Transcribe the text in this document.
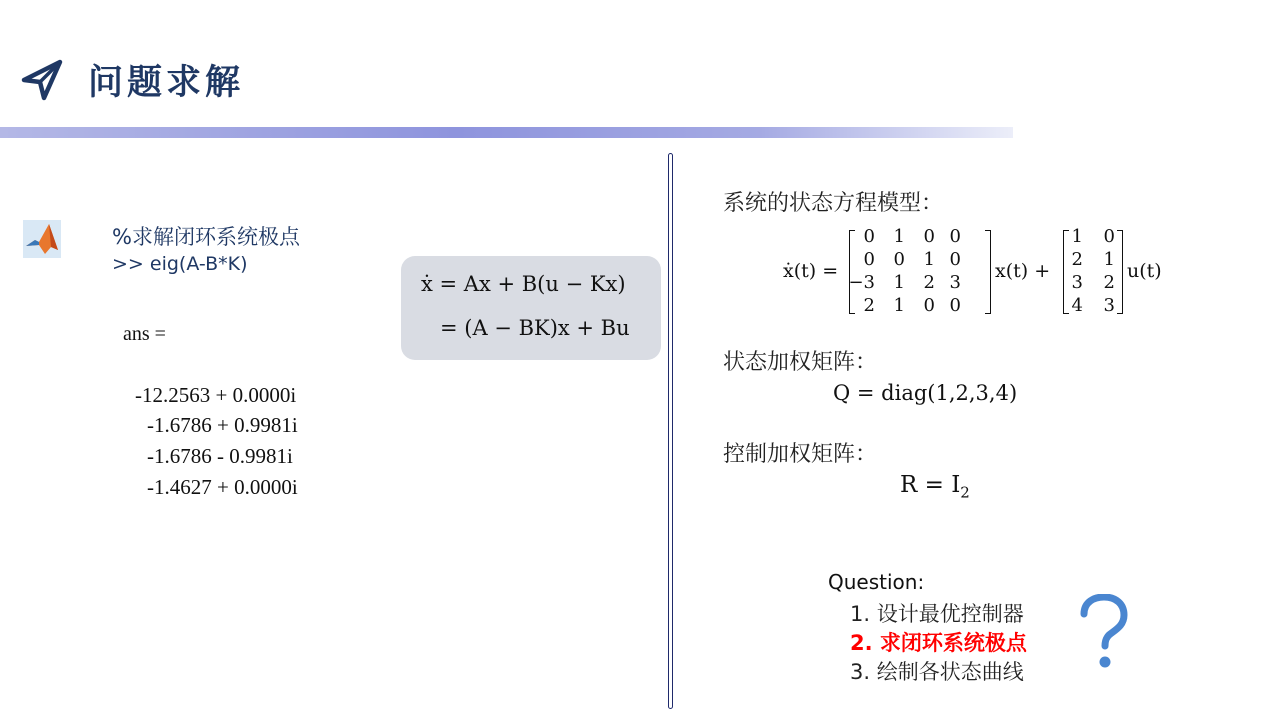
问题求解
%求解闭环系统极点
>> eig(A-B*K)
ans =
-12.2563 + 0.0000i
-1.6786 + 0.9981i
-1.6786 - 0.9981i
-1.4627 + 0.0000i
ẋ = Ax + B(u − Kx)
= (A − BK)x + Bu
系统的状态方程模型：
ẋ(t) =
0	1	0 0
0	0	1 0
−3	1	2 3
2	1	0 0
x(t) +
1	0
2	1
3	2
4	3
u(t)
状态加权矩阵：
Q = diag(1,2,3,4)
控制加权矩阵：
$R = I_2$
Question:
1. 设计最优控制器
2. 求闭环系统极点
3. 绘制各状态曲线
